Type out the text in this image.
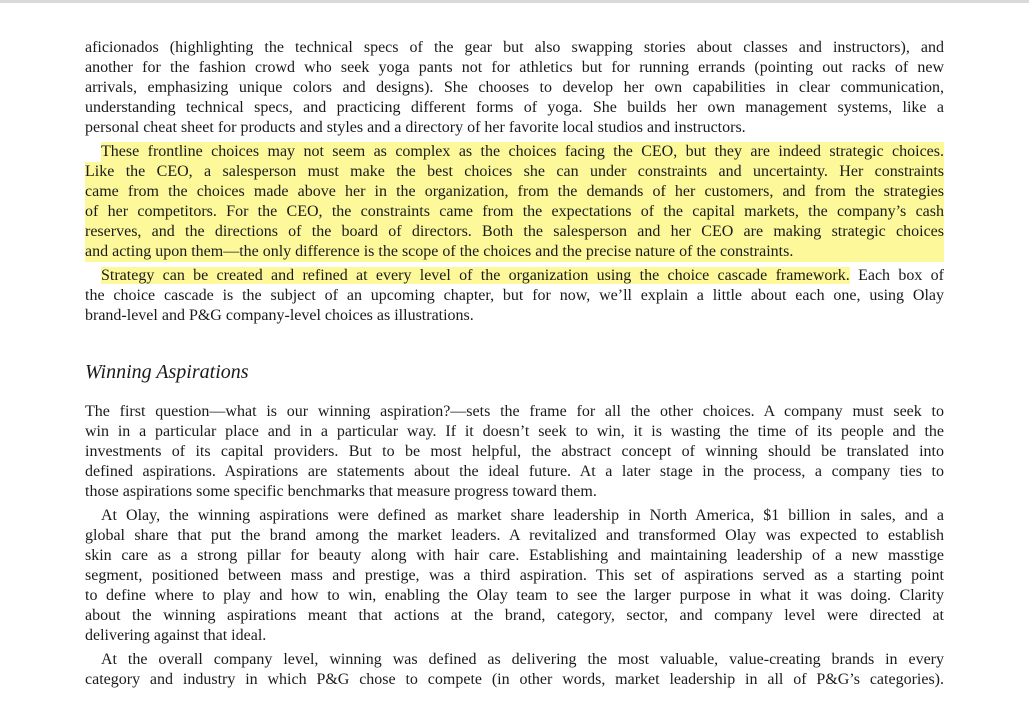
Winning Aspirations
aficionados (highlighting the technical specs of the gear but also swapping stories about classes and instructors), and
another for the fashion crowd who seek yoga pants not for athletics but for running errands (pointing out racks of new
arrivals, emphasizing unique colors and designs). She chooses to develop her own capabilities in clear communication,
understanding technical specs, and practicing different forms of yoga. She builds her own management systems, like a
personal cheat sheet for products and styles and a directory of her favorite local studios and instructors.
These frontline choices may not seem as complex as the choices facing the CEO, but they are indeed strategic choices.
Like the CEO, a salesperson must make the best choices she can under constraints and uncertainty. Her constraints
came from the choices made above her in the organization, from the demands of her customers, and from the strategies
of her competitors. For the CEO, the constraints came from the expectations of the capital markets, the company’s cash
reserves, and the directions of the board of directors. Both the salesperson and her CEO are making strategic choices
and acting upon them—the only difference is the scope of the choices and the precise nature of the constraints.
Strategy can be created and refined at every level of the organization using the choice cascade framework. Each box of
the choice cascade is the subject of an upcoming chapter, but for now, we’ll explain a little about each one, using Olay
brand-level and P&G company-level choices as illustrations.
The first question—what is our winning aspiration?—sets the frame for all the other choices. A company must seek to
win in a particular place and in a particular way. If it doesn’t seek to win, it is wasting the time of its people and the
investments of its capital providers. But to be most helpful, the abstract concept of winning should be translated into
defined aspirations. Aspirations are statements about the ideal future. At a later stage in the process, a company ties to
those aspirations some specific benchmarks that measure progress toward them.
At Olay, the winning aspirations were defined as market share leadership in North America, $1 billion in sales, and a
global share that put the brand among the market leaders. A revitalized and transformed Olay was expected to establish
skin care as a strong pillar for beauty along with hair care. Establishing and maintaining leadership of a new masstige
segment, positioned between mass and prestige, was a third aspiration. This set of aspirations served as a starting point
to define where to play and how to win, enabling the Olay team to see the larger purpose in what it was doing. Clarity
about the winning aspirations meant that actions at the brand, category, sector, and company level were directed at
delivering against that ideal.
At the overall company level, winning was defined as delivering the most valuable, value-creating brands in every
category and industry in which P&G chose to compete (in other words, market leadership in all of P&G’s categories).
